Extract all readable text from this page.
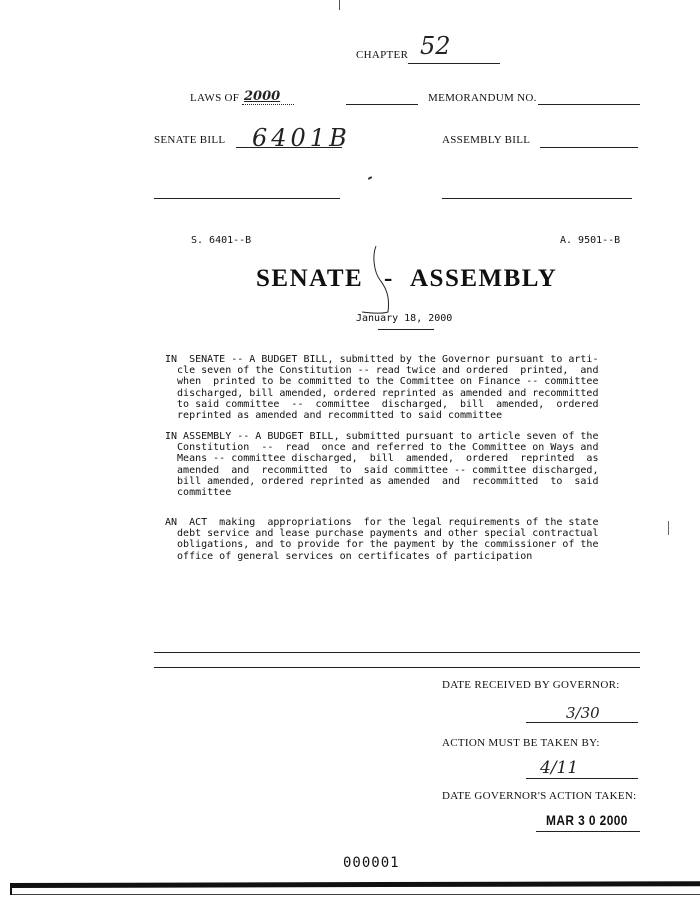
CHAPTER 52
LAWS OF 2000	MEMORANDUM NO.
SENATE BILL 6401B	ASSEMBLY BILL
S. 6401--B	A. 9501--B
SENATE - ASSEMBLY
January 18, 2000
IN  SENATE -- A BUDGET BILL, submitted by the Governor pursuant to arti-
cle seven of the Constitution -- read twice and ordered  printed,  and
when  printed to be committed to the Committee on Finance -- committee
discharged, bill amended, ordered reprinted as amended and recommitted
to said committee  --  committee  discharged,  bill  amended,  ordered
reprinted as amended and recommitted to said committee
IN ASSEMBLY -- A BUDGET BILL, submitted pursuant to article seven of the
Constitution  --  read  once and referred to the Committee on Ways and
Means -- committee discharged,  bill  amended,  ordered  reprinted  as
amended  and  recommitted  to  said committee -- committee discharged,
bill amended, ordered reprinted as amended  and  recommitted  to  said
committee
AN  ACT  making  appropriations  for the legal requirements of the state
debt service and lease purchase payments and other special contractual
obligations, and to provide for the payment by the commissioner of the
office of general services on certificates of participation
DATE RECEIVED BY GOVERNOR:
3/30
ACTION MUST BE TAKEN BY:
4/11
DATE GOVERNOR'S ACTION TAKEN:
MAR 3 0 2000
000001
